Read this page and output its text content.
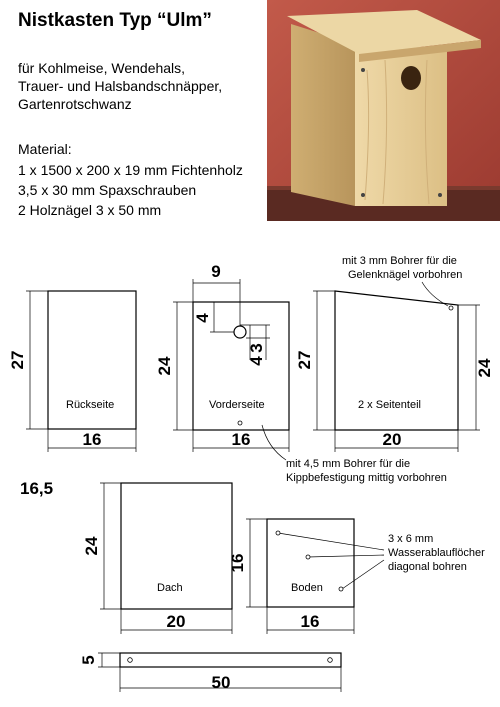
Nistkasten Typ “Ulm”
für Kohlmeise, Wendehals,
Trauer- und Halsbandschnäpper,
Gartenrotschwanz
Material:
1 x 1500 x 200 x 19 mm Fichtenholz
3,5 x 30 mm Spaxschrauben
2 Holznägel 3 x 50 mm
Rückseite	Vorderseite	2 x Seitenteil
Dach	Boden
27
16
24
16
9
4
3
4 27	24
20
16,5
24
20
16
16
5
50
mit 3 mm Bohrer für die
Gelenknägel vorbohren
mit 4,5 mm Bohrer für die
Kippbefestigung mittig vorbohren
3 x 6 mm
Wasserablauflöcher
diagonal bohren
